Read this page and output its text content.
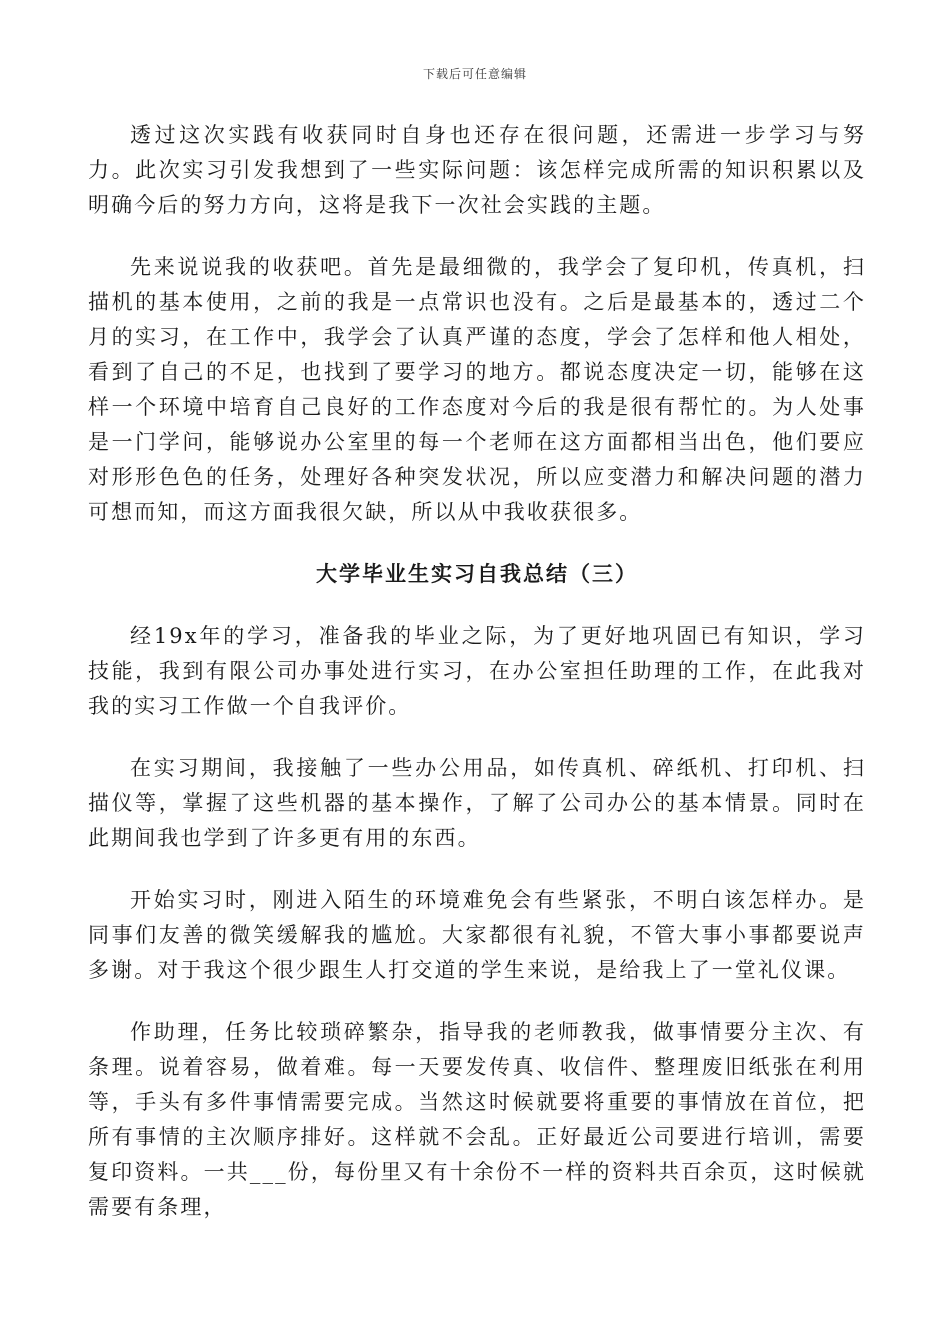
下载后可任意编辑

透过这次实践有收获同时自身也还存在很问题，还需进一步学习与努力。此次实习引发我想到了一些实际问题：该怎样完成所需的知识积累以及明确今后的努力方向，这将是我下一次社会实践的主题。

先来说说我的收获吧。首先是最细微的，我学会了复印机，传真机，扫描机的基本使用，之前的我是一点常识也没有。之后是最基本的，透过二个月的实习，在工作中，我学会了认真严谨的态度，学会了怎样和他人相处，看到了自己的不足，也找到了要学习的地方。都说态度决定一切，能够在这样一个环境中培育自己良好的工作态度对今后的我是很有帮忙的。为人处事是一门学问，能够说办公室里的每一个老师在这方面都相当出色，他们要应对形形色色的任务，处理好各种突发状况，所以应变潜力和解决问题的潜力可想而知，而这方面我很欠缺，所以从中我收获很多。

大学毕业生实习自我总结（三）

经19x年的学习，准备我的毕业之际，为了更好地巩固已有知识，学习技能，我到有限公司办事处进行实习，在办公室担任助理的工作，在此我对我的实习工作做一个自我评价。

在实习期间，我接触了一些办公用品，如传真机、碎纸机、打印机、扫描仪等，掌握了这些机器的基本操作，了解了公司办公的基本情景。同时在此期间我也学到了许多更有用的东西。

开始实习时，刚进入陌生的环境难免会有些紧张，不明白该怎样办。是同事们友善的微笑缓解我的尴尬。大家都很有礼貌，不管大事小事都要说声多谢。对于我这个很少跟生人打交道的学生来说，是给我上了一堂礼仪课。

作助理，任务比较琐碎繁杂，指导我的老师教我，做事情要分主次、有条理。说着容易，做着难。每一天要发传真、收信件、整理废旧纸张在利用等，手头有多件事情需要完成。当然这时候就要将重要的事情放在首位，把所有事情的主次顺序排好。这样就不会乱。正好最近公司要进行培训，需要复印资料。一共___份，每份里又有十余份不一样的资料共百余页，这时候就需要有条理，
